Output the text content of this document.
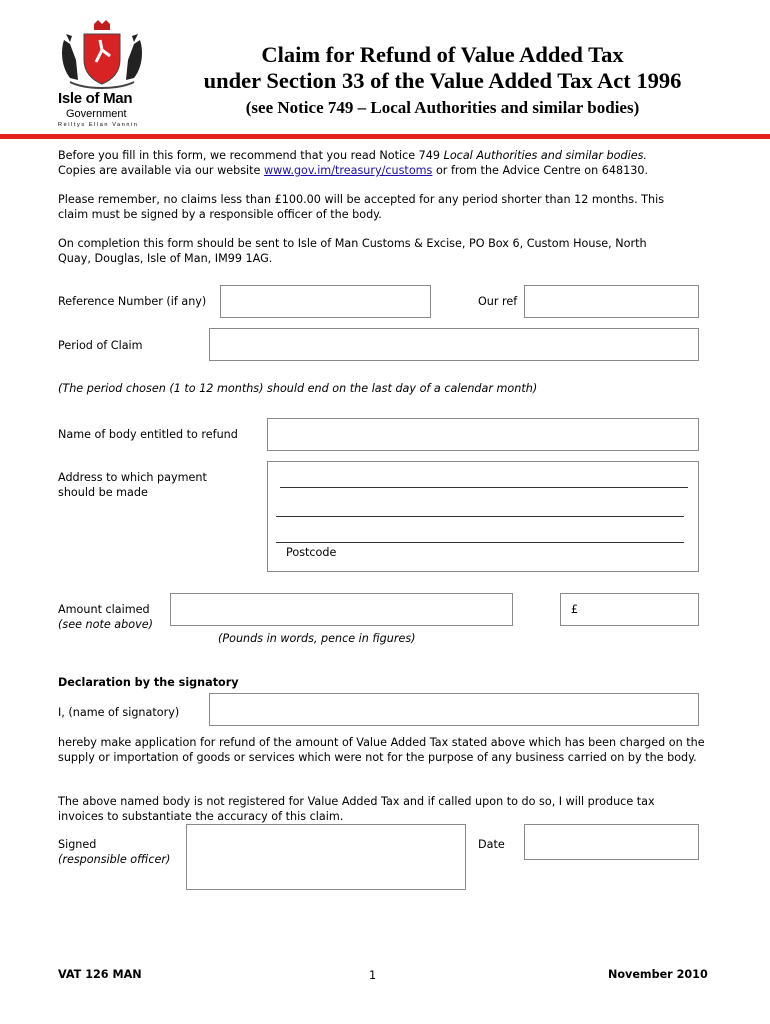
Isle of Man
Government
Reiltys Ellan Vannin
Claim for Refund of Value Added Tax
under Section 33 of the Value Added Tax Act 1996
(see Notice 749 – Local Authorities and similar bodies)
Before you fill in this form, we recommend that you read Notice 749 Local Authorities and similar bodies.
Copies are available via our website www.gov.im/treasury/customs or from the Advice Centre on 648130.
Please remember, no claims less than £100.00 will be accepted for any period shorter than 12 months. This claim must be signed by a responsible officer of the body.
On completion this form should be sent to Isle of Man Customs & Excise, PO Box 6, Custom House, North Quay, Douglas, Isle of Man, IM99 1AG.
Reference Number (if any)	Our ref
Period of Claim
(The period chosen (1 to 12 months) should end on the last day of a calendar month)
Name of body entitled to refund
Address to which payment
should be made
Postcode
Amount claimed
(see note above)
£
(Pounds in words, pence in figures)
Declaration by the signatory
I, (name of signatory)
hereby make application for refund of the amount of Value Added Tax stated above which has been charged on the supply or importation of goods or services which were not for the purpose of any business carried on by the body.
The above named body is not registered for Value Added Tax and if called upon to do so, I will produce tax invoices to substantiate the accuracy of this claim.
Signed
(responsible officer)
Date
VAT 126 MAN	1	November 2010
